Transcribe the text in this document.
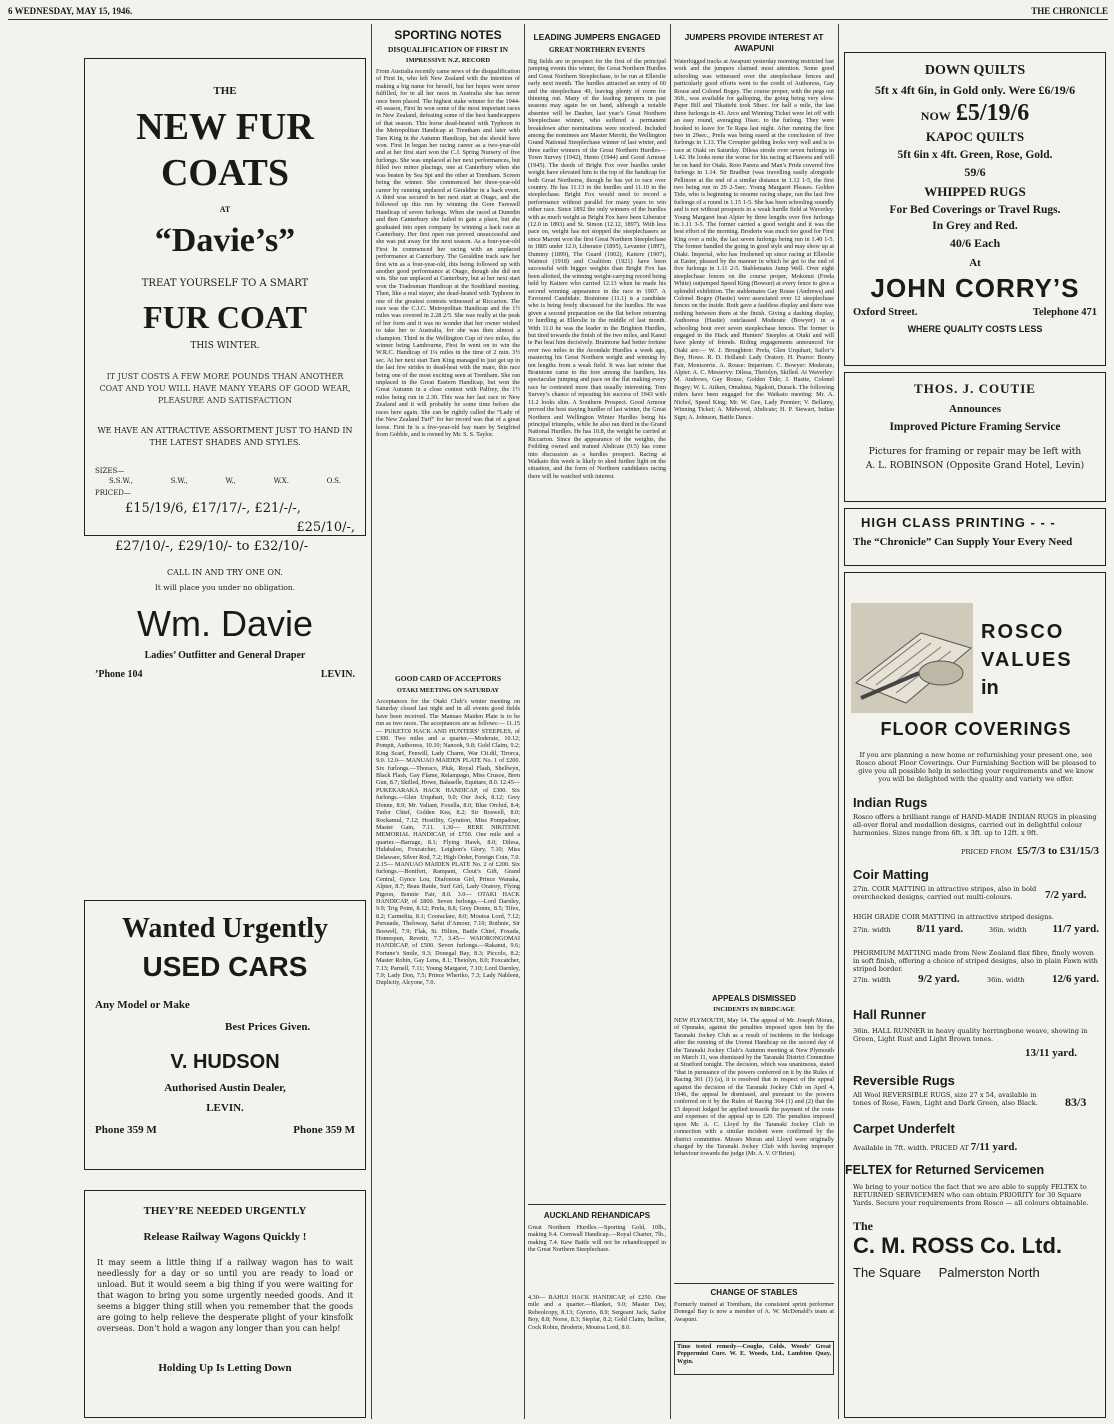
6 WEDNESDAY, MAY 15, 1946.	THE CHRONICLE
THE
NEW FUR
COATS
AT
“Davie’s”
TREAT YOURSELF TO A SMART
FUR COAT
THIS WINTER.
IT JUST COSTS A FEW MORE POUNDS THAN ANOTHER COAT AND YOU WILL HAVE MANY YEARS OF GOOD WEAR, PLEASURE AND SATISFACTION
WE HAVE AN ATTRACTIVE ASSORTMENT JUST TO HAND IN THE LATEST SHADES AND STYLES.
SIZES—
S.S.W.,	S.W.,	W.,	W.X.	O.S.
PRICED—
£15/19/6, £17/17/-, £21/-/-,
£25/10/-,
£27/10/-, £29/10/- to £32/10/-
CALL IN AND TRY ONE ON.
It will place you under no obligation.
Wm. Davie
Ladies’ Outfitter and General Draper
’Phone 104	LEVIN.
Wanted Urgently
USED CARS
Any Model or Make
Best Prices Given.
V. HUDSON
Authorised Austin Dealer,
LEVIN.
Phone 359 M	Phone 359 M
THEY’RE NEEDED URGENTLY
Release Railway Wagons Quickly !
It may seem a little thing if a railway wagon has to wait needlessly for a day or so until you are ready to load or unload. But it would seem a big thing if you were waiting for that wagon to bring you some urgently needed goods. And it seems a bigger thing still when you remember that the goods are going to help relieve the desperate plight of your kinsfolk overseas. Don’t hold a wagon any longer than you can help!
Holding Up Is Letting Down
SPORTING NOTES
DISQUALIFICATION OF FIRST IN
IMPRESSIVE N.Z. RECORD
From Australia recently came news of the disqualification of First In, who left New Zealand with the intention of making a big name for herself, but her hopes were never fulfilled, for in all her races in Australia she has never once been placed. The highest stake winner for the 1944-45 season, First In won some of the most important races in New Zealand, defeating some of the best handicappers of that season. This horse dead-heated with Typhoon in the Metropolitan Handicap at Trentham and later with Tarn King in the Autumn Handicap, but she should have won. First In began her racing career as a two-year-old and at her first start won the C.J. Spring Nursery of five furlongs. She was unplaced at her next performances, but filled two minor placings, one at Canterbury when she was beaten by Sea Spi and the other at Trentham. Screen being the winner. She commenced her three-year-old career by running unplaced at Geraldine in a hack event. A third was secured in her next start at Otago, and she followed up this run by winning the Gore Farewell Handicap of seven furlongs. When she raced at Dunedin and then Canterbury she failed to gain a place, but she graduated into open company by winning a hack race at Canterbury. Her first open run proved unsuccessful and she was put away for the next season. As a four-year-old First In commenced her racing with an unplaced performance at Canterbury. The Geraldine track saw her first win as a four-year-old, this being followed up with another good performance at Otago, though she did not win. She ran unplaced at Canterbury, but at her next start won the Tradesman Handicap at the Southland meeting. Then, like a real stayer, she dead-heated with Typhoon in one of the greatest contests witnessed at Riccarton. The race was the C.J.C. Metropolitan Handicap and the 1½ miles was covered in 2.28 2/5. She was really at the peak of her form and it was no wonder that her owner wished to take her to Australia, for she was then almost a champion. Third in the Wellington Cup of two miles, the winner being Lambourne, First In went on to win the W.R.C. Handicap of 1¼ miles in the time of 2 min. 3½ sec. At her next start Tarn King managed to just get up in the last few strides to dead-heat with the mare, this race being one of the most exciting seen at Trentham. She ran unplaced in the Great Eastern Handicap, but won the Great Autumn in a close contest with Palfrey, the 1½ miles being run in 2.30. This was her last race in New Zealand and it will probably be some time before she races here again. She can be rightly called the “Lady of the New Zealand Turf” for her record was that of a great horse. First In is a five-year-old bay mare by Seigfried from Gobble, and is owned by Mr. S. S. Taylor.
GOOD CARD OF ACCEPTORS
OTAKI MEETING ON SATURDAY
Acceptances for the Otaki Club’s winter meeting on Saturday closed last night and in all events good fields have been received. The Manuao Maiden Plate is to be run as two races. The acceptances are as follows:— 11.15— PUKETOI HACK AND HUNTERS’ STEEPLES, of £300. Two miles and a quarter.—Moderate, 10.12; Pompit, Authoress, 10.10; Nanook, 9.8; Gold Claim, 9.2; King Scarf, Fenwill, Lady Charm, War Cit.dil, Tirorca, 9.0. 12.0— MANUAO MAIDEN PLATE No. 1 of £200. Six furlongs.—Thoraco, Pluk, Royal Flash, Shellwyn, Black Flash, Gay Flame, Relampago, Miss Crusoe, Bren Gun, 8.7; Skilled, Howe, Balaselle, Equitare, 8.0. 12.45— PUKEKARAKA HACK HANDICAP, of £300. Six furlongs.—Glen Urquhart, 9.0; Our Jock, 8.12; Grey Donne, 8.9; Mr. Valiant, Foxella, 8.0; Blue Orchid, 8.4; Tudor Chief, Golden Kea, 8.2; Sir Boswell, 8.0; Rockamul, 7.12; Hostility, Gyration, Miss Pompadour, Master Gain, 7.11. 1.30— RERE NIKITENE MEMORIAL HANDICAP, of £750. One mile and a quarter.—Barrage, 8.1; Flying Hawk, 8.0; Dilesa, Hulabaloo, Foxcatcher, Leighon’s Glory, 7.10; Miss Delaware, Silver Rod, 7.2; High Order, Foreign Coin, 7.0. 2.15— MANUAO MAIDEN PLATE No. 2 of £200. Six furlongs.—Bonifort, Rampant, Clout’s Gift, Grand Central, Gynce Lou, Diafonous Girl, Prince Wanaka, Alpier, 8.7; Beau Raide, Surf Girl, Lady Oratory, Flying Pigeon, Bonnie Fair, 8.0. 3.0— OTAKI HACK HANDICAP, of £800. Seven furlongs.—Lord Darnley, 9.9; Trig Point, 8.12; Prefa, 8.8; Grey Donne, 8.5; Tifex, 8.2; Carmelita, 8.1; Cooraclare, 8.0; Moutoa Lord, 7.12; Persuade, Theloway, Safut d’Amour, 7.10; Rothnie, Sir Boswell, 7.9; Flak, St. Hilton, Battle Chief, Foxada, Homespun, Revetir, 7.7. 3.45— WAIORONGOMAI HANDICAP, of £500. Seven furlongs.—Rakanui, 9.6; Fortune’s Smile, 9.3; Donegal Bay, 8.3; Piccolo, 8.2; Master Robin, Gay Lena, 8.1; Theiolyn, 8.0; Foxcatcher, 7.13; Parnell, 7.11; Young Margaret, 7.10; Lord Darnley, 7.9; Lady Don, 7.5; Prince Wheriko, 7.3; Lady Nahleen, Duplicity, Alcyone, 7.0.
LEADING JUMPERS ENGAGED
GREAT NORTHERN EVENTS
Big fields are in prospect for the first of the principal jumping events this winter, the Great Northern Hurdles and Great Northern Steeplechase, to be run at Ellerslie early next month. The hurdles attracted an entry of 60 and the steeplechase 49, leaving plenty of room for thinning out. Many of the leading jumpers in past seasons may again be on hand, although a notable absentee will be Dauber, last year’s Great Northern Steeplechase winner, who suffered a permanent breakdown after nominations were received. Included among the nominees are Master Merritt, the Wellington Grand National Steeplechase winner of last winter, and three earlier winners of the Great Northern Hurdles—Town Survey (1942), Hento (1944) and Good Armour (1945). The deeds of Bright Fox over hurdles under weight have elevated him to the top of the handicap for both Great Northerns, though he has yet to race over country. He has 11.13 in the hurdles and 11.10 in the steeplechase. Bright Fox would need to record a performance without parallel for many years to win either race. Since 1892 the only winners of the hurdles with as much weight as Bright Fox have been Liberator (12.0 in 1893) and St. Simon (12.12, 1897). With less pace on, weight has not stopped the steeplechasers as since Maroni won the first Great Northern Steeplechase in 1885 under 12.0, Liberator (1895), Levanter (1897), Dummy (1899), The Guard (1902), Kaitere (1907), Waimoi (1918) and Coalition (1921) have been successful with bigger weights than Bright Fox has been allotted, the winning weight-carrying record being held by Kaitere who carried 12.13 when he made his second winning appearance in the race in 1907. A Favoured Candidate. Braintone (11.1) is a candidate who is being freely discussed for the hurdles. He was given a second preparation on the flat before returning to hurdling at Ellerslie in the middle of last month. With 11.0 he was the leader in the Brighton Hurdles, but tired towards the finish of the two miles, and Kanui te Pai beat him decisively. Braintone had better fortune over two miles in the Avondale Hurdles a week ago, mastering his Great Northern weight and winning by ten lengths from a weak field. It was last winter that Braintone came to the fore among the hurdlers, his spectacular jumping and pace on the flat making every race he contested more than usually interesting. Tom Survey’s chance of repeating his success of 1943 with 11.2 looks slim. A Southern Prospect. Good Armour proved the best staying hurdler of last winter, the Great Northern and Wellington Winter Hurdles being his principal triumphs, while he also ran third in the Grand National Hurdles. He has 10.8, the weight he carried at Riccarton. Since the appearance of the weights, the Feilding owned and trained Abdicate (9.5) has come into discussion as a hurdles prospect. Racing at Waikato this week is likely to shed further light on the situation, and the form of Northern candidates racing there will be watched with interest.
AUCKLAND REHANDICAPS
Great Northern Hurdles.—Sporting Gold, 10lb., making 9.4. Cornwall Handicap.—Royal Charter, 7lb., making 7.4. Kew Battle will not be rehandicapped in the Great Northern Steeplechase.
4.30— RAHUI HACK HANDICAP, of £250. One mile and a quarter.—Blanket, 9.0; Master Day, Rebeolcopy, 8.13; Gyrerio, 8.9; Sergeant Jack, Sailor Boy, 8.8; Norse, 8.3; Stepfar, 8.2; Gold Claim, Incline, Cock Robin, Broderie, Moutoa Lord, 8.0.
JUMPERS PROVIDE INTEREST AT AWAPUNI
Waterlogged tracks at Awapuni yesterday morning restricted fast work and the jumpers claimed most attention. Some good schooling was witnessed over the steeplechase fences and particularly good efforts went to the credit of Authoress, Gay Rouse and Colonel Bogey. The course proper, with the pegs out 36ft., was available for galloping, the going being very slow. Paper Bill and Tikaitehi took 58sec. for half a mile, the last three furlongs in 43. Arco and Winning Ticket were let off with an easy round, averaging 16sec. to the furlong. They were booked to leave for Te Rapa last night. After running the first two in 29sec., Prefa was being eased at the conclusion of five furlongs in 1.13. The Croupier gelding looks very well and is to race at Otaki on Saturday. Dilesa strode over seven furlongs in 1.42. He looks none the worse for his racing at Hawera and will be on hand for Otaki. Roto Parera and Man’s Pride covered five furlongs in 1.14. Sir Bradbur (was travelling easily alongside Pellinore at the end of a similar distance in 1.12 1-5, the first two being run in 29 2-5sec. Young Margaret Pleases. Golden Tide, who is beginning to resume racing shape, ran the last five furlongs of a round in 1.15 1-5. She has been schooling soundly and is not without prospects in a weak hurdle field at Waverley. Young Margaret beat Alpier by three lengths over five furlongs in 1.11 3-5. The former carried a good weight and it was the best effort of the morning. Broderie was much too good for First King over a mile, the last seven furlongs being run in 1.40 1-5. The former handled the going in good style and may show up at Otaki. Imperial, who has freshened up since racing at Ellerslie at Easter, pleased by the manner in which he got to the end of five furlongs in 1.11 2-5. Stablemates Jump Well. Over eight steeplechase fences on the course proper, Mokonui (Freda White) outjumped Speed King (Bowser) at every fence to give a splendid exhibition. The stablemates Gay Rouse (Andrews) and Colonel Bogey (Hastie) were associated over 12 steeplechase fences on the inside. Both gave a faultless display and there was nothing between them at the finish. Giving a dashing display, Authoress (Hastie) outclassed Moderate (Bowyer) in a schooling bout over seven steeplechase fences. The former is engaged in the Hack and Hunters’ Steeples at Otaki and will have plenty of friends. Riding engagements announced for Otaki are:— W. J. Broughton: Prefa, Glen Urquhart, Sailor’s Boy, Howe. R. D. Holland: Lady Oratory. H. Pearce: Bonny Fair, Montsorrie. A. Rouse: Imperium. C. Bowyer: Moderate, Alpier. A. C. Messervy: Dilesa, Theiolyn, Skilled. At Waverley: M. Andrews, Gay Rouse, Golden Tide; J. Hastie, Colonel Bogey; W. L. Aitken, Omahina, Ngakoti, Durack. The following riders have been engaged for the Waikato meeting: Mr. A. Nichol, Speed King; Mr. W. Gee, Lady Premier; V. Bellamy, Winning Ticket; A. Midwood, Abdicate; H. P. Stewart, Indian Sign; A. Johnson, Battle Dance.
APPEALS DISMISSED
INCIDENTS IN BIRDCAGE
NEW PLYMOUTH, May 14. The appeal of Mr. Joseph Moran, of Opunake, against the penalties imposed upon him by the Taranaki Jockey Club as a result of incidents in the birdcage after the running of the Urenui Handicap on the second day of the Taranaki Jockey Club’s Autumn meeting at New Plymouth on March 11, was dismissed by the Taranaki District Committee at Stratford tonight. The decision, which was unanimous, stated “that in pursuance of the powers conferred on it by the Rules of Racing 361 (1) (a), it is resolved that in respect of the appeal against the decision of the Taranaki Jockey Club on April 4, 1946, the appeal be dismissed, and pursuant to the powers conferred on it by the Rules of Racing 364 (1) and (2) that the £5 deposit lodged be applied towards the payment of the costs and expenses of the appeal up to £20. The penalties imposed upon Mr. A. C. Lloyd by the Taranaki Jockey Club in connection with a similar incident were confirmed by the district committee. Messrs Moran and Lloyd were originally charged by the Taranaki Jockey Club with having improper behaviour towards the judge (Mr. A. V. O’Brien).
CHANGE OF STABLES
Formerly trained at Trentham, the consistent sprint performer Donegal Bay is now a member of A. W. McDonald’s team at Awapuni.
Time tested remedy—Coughs, Colds, Woods’ Great Peppermint Cure. W. E. Woods, Ltd., Lambton Quay, Wgtn.
DOWN QUILTS
5ft x 4ft 6in, in Gold only. Were £6/19/6
NOW £5/19/6
KAPOC QUILTS
5ft 6in x 4ft. Green, Rose, Gold.
59/6
WHIPPED RUGS
For Bed Coverings or Travel Rugs.
In Grey and Red.
40/6 Each
At
JOHN CORRY’S
Oxford Street.	Telephone 471
WHERE QUALITY COSTS LESS
THOS. J. COUTIE
Announces
Improved Picture Framing Service
Pictures for framing or repair may be left with
A. L. ROBINSON (Opposite Grand Hotel, Levin)
HIGH CLASS PRINTING - - -
The “Chronicle” Can Supply Your Every Need
ROSCO
VALUES
in
FLOOR COVERINGS
If you are planning a new home or refurnishing your present one, see Rosco about Floor Coverings. Our Furnishing Section will be pleased to give you all possible help in selecting your requirements and we know you will be delighted with the quality and variety we offer.
Indian Rugs
Rosco offers a brilliant range of HAND-MADE INDIAN RUGS in pleasing all-over floral and medallion designs, carried out in delightful colour harmonies. Sizes range from 6ft. x 3ft. up to 12ft. x 9ft.
PRICED FROM £5/7/3 to £31/15/3
Coir Matting
27in. COIR MATTING in attractive stripes, also in bold overchecked designs, carried out multi-colours.	7/2 yard.
HIGH GRADE COIR MATTING in attractive striped designs.
27in. width 8/11 yard.	36in. width 11/7 yard.
PHORMIUM MATTING made from New Zealand flax fibre, finely woven in soft finish, offering a choice of striped designs, also in plain Fawn with striped border.
27in. width 9/2 yard.	36in. width 12/6 yard.
Hall Runner
36in. HALL RUNNER in heavy quality herringbone weave, showing in Green, Light Rust and Light Brown tones.
13/11 yard.
Reversible Rugs
All Wool REVERSIBLE RUGS, size 27 x 54, available in tones of Rose, Fawn, Light and Dark Green, also Black.	83/3
Carpet Underfelt
Available in 7ft. width. PRICED AT 7/11 yard.
FELTEX for Returned Servicemen
We bring to your notice the fact that we are able to supply FELTEX to RETURNED SERVICEMEN who can obtain PRIORITY for 30 Square Yards. Secure your requirements from Rosco — all colours obtainable.
The
C. M. ROSS Co. Ltd.
The Square Palmerston North
